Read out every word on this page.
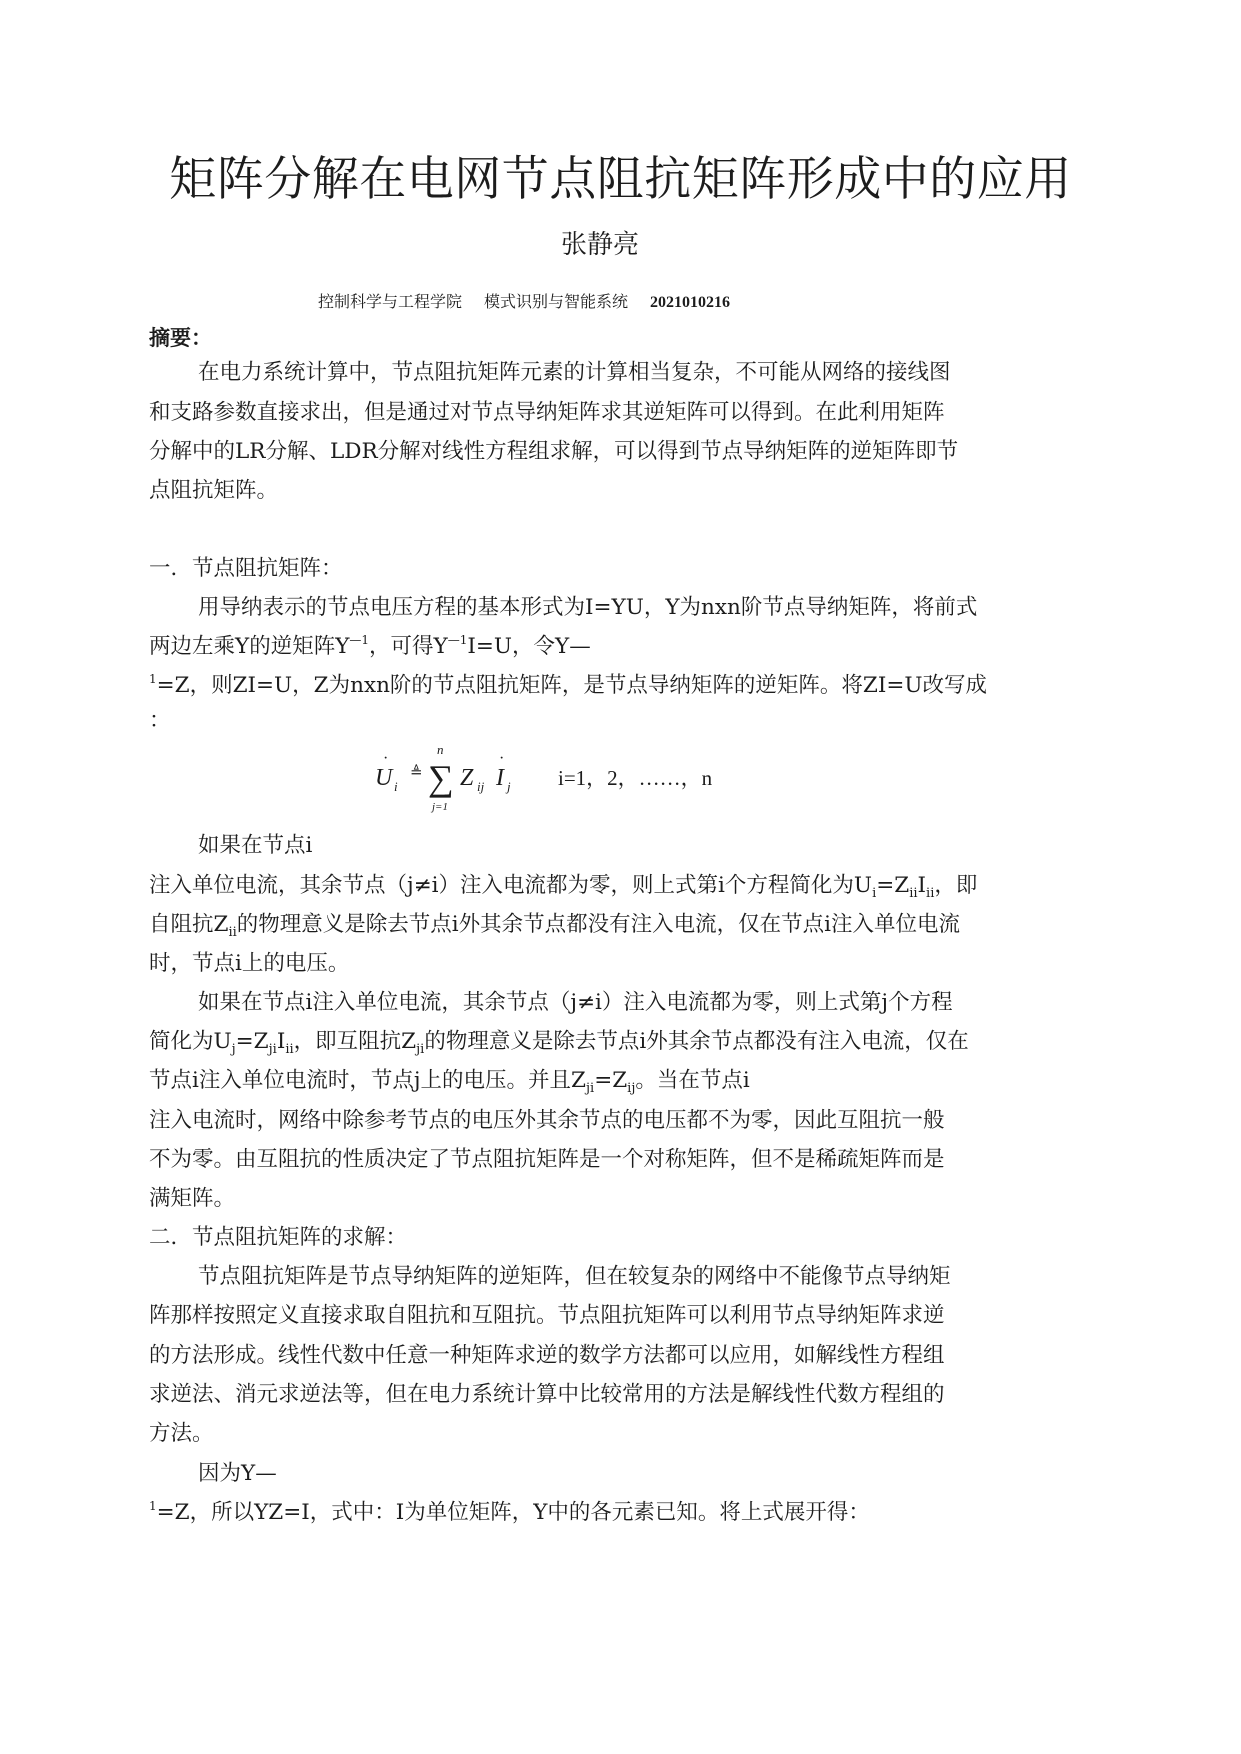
矩阵分解在电网节点阻抗矩阵形成中的应用
张静亮
控制科学与工程学院 模式识别与智能系统 2021010216
摘要：
在电力系统计算中，节点阻抗矩阵元素的计算相当复杂，不可能从网络的接线图
和支路参数直接求出，但是通过对节点导纳矩阵求其逆矩阵可以得到。在此利用矩阵
分解中的LR分解、LDR分解对线性方程组求解，可以得到节点导纳矩阵的逆矩阵即节
点阻抗矩阵。
一．节点阻抗矩阵：
用导纳表示的节点电压方程的基本形式为I=YU，Y为nxn阶节点导纳矩阵，将前式
两边左乘Y的逆矩阵$Y^{—1}$，可得$Y^{—1}I=U$，令Y—
$^1$=Z，则ZI=U，Z为nxn阶的节点阻抗矩阵，是节点导纳矩阵的逆矩阵。将ZI=U改写成
：
U
·
i
≜
n
∑
j=1
Z ij I
·
j i=1，2，……，n
如果在节点i
注入单位电流，其余节点（j≠i）注入电流都为零，则上式第i个方程简化为$U_i=Z_{ii}I_{ii}$，即
自阻抗$Z_{ii}$的物理意义是除去节点i外其余节点都没有注入电流，仅在节点i注入单位电流
时，节点i上的电压。
如果在节点i注入单位电流，其余节点（j≠i）注入电流都为零，则上式第j个方程
简化为$U_j=Z_{ji}I_{ii}$，即互阻抗$Z_{ji}$的物理意义是除去节点i外其余节点都没有注入电流，仅在
节点i注入单位电流时，节点j上的电压。并且$Z_{ji}=Z_{ij}$。当在节点i
注入电流时，网络中除参考节点的电压外其余节点的电压都不为零，因此互阻抗一般
不为零。由互阻抗的性质决定了节点阻抗矩阵是一个对称矩阵，但不是稀疏矩阵而是
满矩阵。
二．节点阻抗矩阵的求解：
节点阻抗矩阵是节点导纳矩阵的逆矩阵，但在较复杂的网络中不能像节点导纳矩
阵那样按照定义直接求取自阻抗和互阻抗。节点阻抗矩阵可以利用节点导纳矩阵求逆
的方法形成。线性代数中任意一种矩阵求逆的数学方法都可以应用，如解线性方程组
求逆法、消元求逆法等，但在电力系统计算中比较常用的方法是解线性代数方程组的
方法。
因为Y—
$^1$=Z，所以YZ=I，式中：I为单位矩阵，Y中的各元素已知。将上式展开得：
